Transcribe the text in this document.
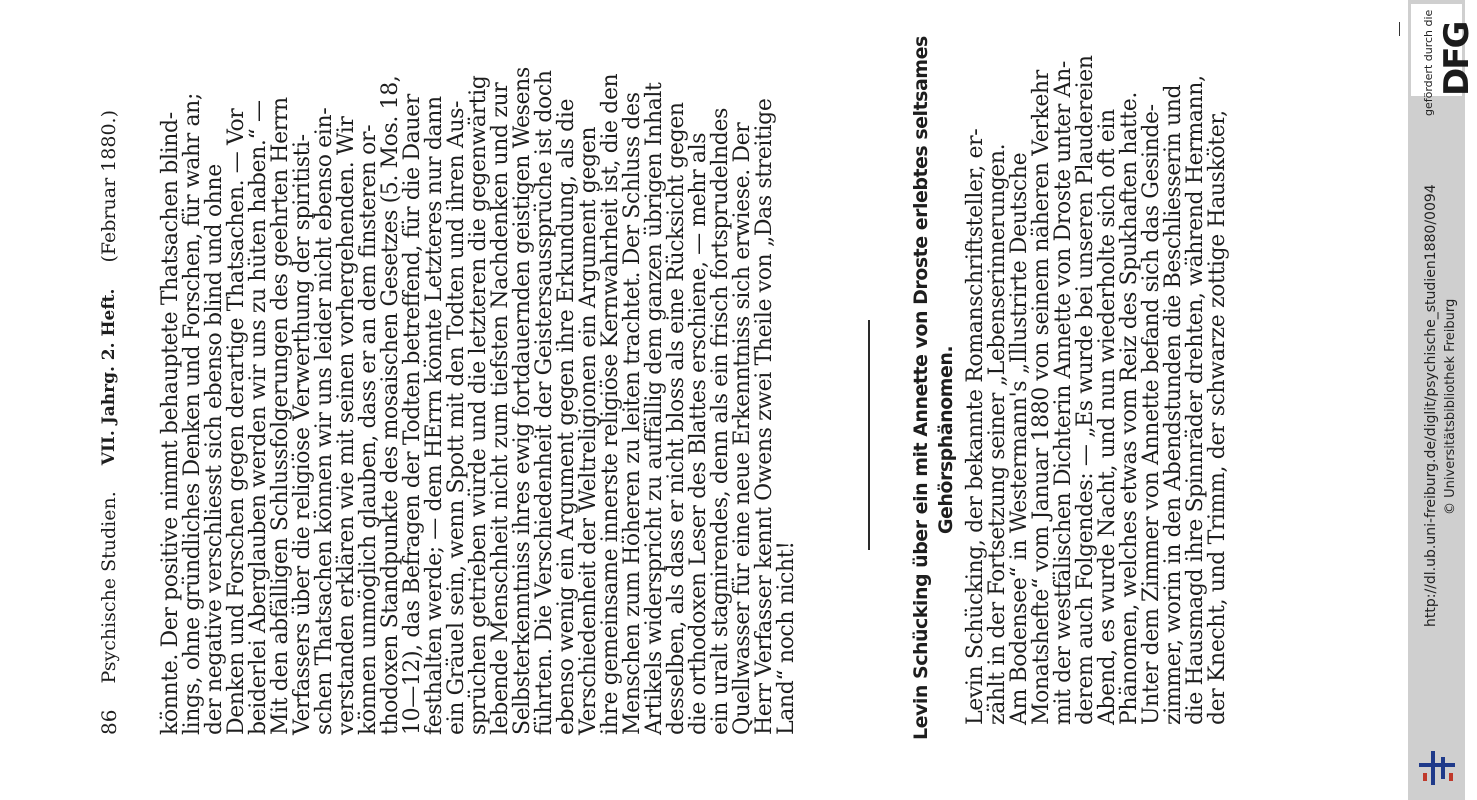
86
Psychische Studien.
VII. Jahrg. 2. Heft.
(Februar 1880.) könnte. Der positive nimmt behauptete Thatsachen blind-
lings, ohne gründliches Denken und Forschen, für wahr an;
der negative verschliesst sich ebenso blind und ohne
Denken und Forschen gegen derartige Thatsachen. — Vor
beiderlei Aberglauben werden wir uns zu hüten haben.“ —
Mit den abfälligen Schlussfolgerungen des geehrten Herrn
Verfassers über die religiöse Verwerthung der spiritisti-
schen Thatsachen können wir uns leider nicht ebenso ein-
verstanden erklären wie mit seinen vorhergehenden. Wir
können unmöglich glauben, dass er an dem finsteren or-
thodoxen Standpunkte des mosaischen Gesetzes (5. Mos. 18,
10—12), das Befragen der Todten betreffend, für die Dauer
festhalten werde; — dem HErrn könnte Letzteres nur dann
ein Gräuel sein, wenn Spott mit den Todten und ihren Aus-
sprüchen getrieben würde und die letzteren die gegenwärtig
lebende Menschheit nicht zum tiefsten Nachdenken und zur
Selbsterkenntniss ihres ewig fortdauernden geistigen Wesens
führten. Die Verschiedenheit der Geistersaussprüche ist doch
ebenso wenig ein Argument gegen ihre Erkundung, als die
Verschiedenheit der Weltreligionen ein Argument gegen
ihre gemeinsame innerste religiöse Kernwahrheit ist, die den
Menschen zum Höheren zu leiten trachtet. Der Schluss des
Artikels widerspricht zu auffällig dem ganzen übrigen Inhalt
desselben, als dass er nicht bloss als eine Rücksicht gegen
die orthodoxen Leser des Blattes erschiene, — mehr als
ein uralt stagnirendes, denn als ein frisch fortsprudelndes
Quellwasser für eine neue Erkenntniss sich erwiese. Der
Herr Verfasser kennt Owens zwei Theile von „Das streitige
Land“ noch nicht!	Levin Schücking über ein mit Annette von Droste erlebtes seltsames Gehörsphänomen. Levin Schücking, der bekannte Romanschriftsteller, er-
zählt in der Fortsetzung seiner „Lebenserinnerungen.
Am Bodensee“ in Westermann's „Illustrirte Deutsche
Monatshefte“ vom Januar 1880 von seinem näheren Verkehr
mit der westfälischen Dichterin Annette von Droste unter An-
derem auch Folgendes: — „Es wurde bei unseren Plaudereien
Abend, es wurde Nacht, und nun wiederholte sich oft ein
Phänomen, welches etwas vom Reiz des Spukhaften hatte.
Unter dem Zimmer von Annette befand sich das Gesinde-
zimmer, worin in den Abendstunden die Beschliesserin und
die Hausmagd ihre Spinnräder drehten, während Hermann,
der Knecht, und Trimm, der schwarze zottige Hausköter,
gefördert durch die DFG
http://dl.ub.uni-freiburg.de/diglit/psychische_studien1880/0094 © Universitätsbibliothek Freiburg
